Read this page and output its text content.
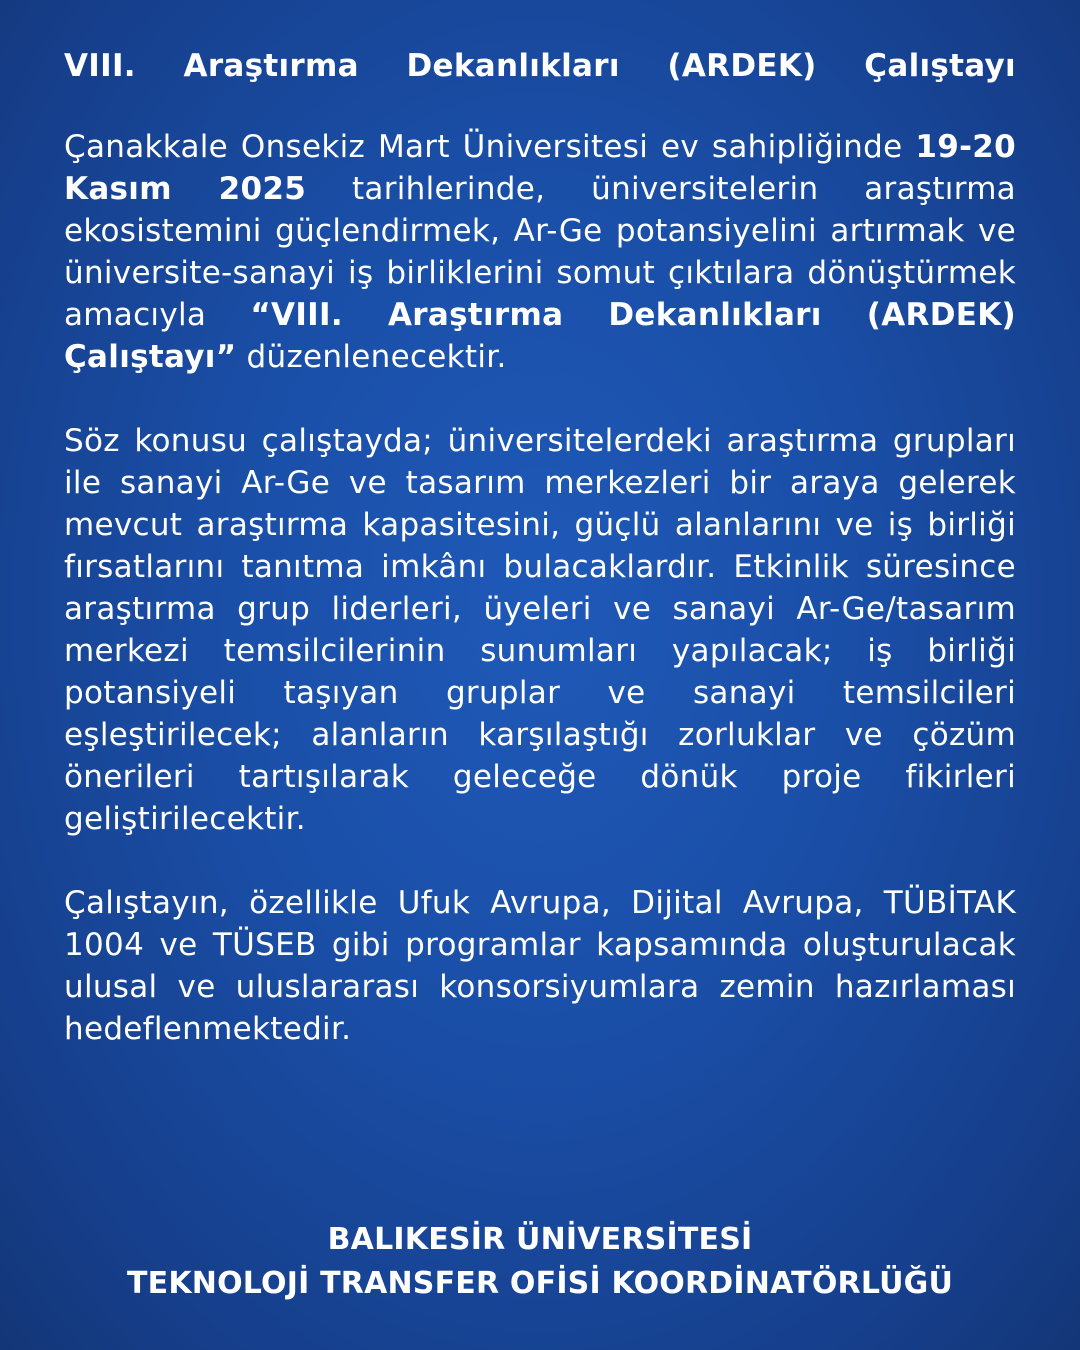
VIII. Araştırma Dekanlıkları (ARDEK) Çalıştayı

Çanakkale Onsekiz Mart Üniversitesi ev sahipliğinde 19-20 Kasım 2025 tarihlerinde, üniversitelerin araştırma ekosistemini güçlendirmek, Ar-Ge potansiyelini artırmak ve üniversite-sanayi iş birliklerini somut çıktılara dönüştürmek amacıyla “VIII. Araştırma Dekanlıkları (ARDEK) Çalıştayı” düzenlenecektir.

Söz konusu çalıştayda; üniversitelerdeki araştırma grupları ile sanayi Ar-Ge ve tasarım merkezleri bir araya gelerek mevcut araştırma kapasitesini, güçlü alanlarını ve iş birliği fırsatlarını tanıtma imkânı bulacaklardır. Etkinlik süresince araştırma grup liderleri, üyeleri ve sanayi Ar-Ge/tasarım merkezi temsilcilerinin sunumları yapılacak; iş birliği potansiyeli taşıyan gruplar ve sanayi temsilcileri eşleştirilecek; alanların karşılaştığı zorluklar ve çözüm önerileri tartışılarak geleceğe dönük proje fikirleri geliştirilecektir.

Çalıştayın, özellikle Ufuk Avrupa, Dijital Avrupa, TÜBİTAK 1004 ve TÜSEB gibi programlar kapsamında oluşturulacak ulusal ve uluslararası konsorsiyumlara zemin hazırlaması

hedeflenmektedir.

BALIKESİR ÜNİVERSİTESİ
TEKNOLOJİ TRANSFER OFİSİ KOORDİNATÖRLÜĞÜ
